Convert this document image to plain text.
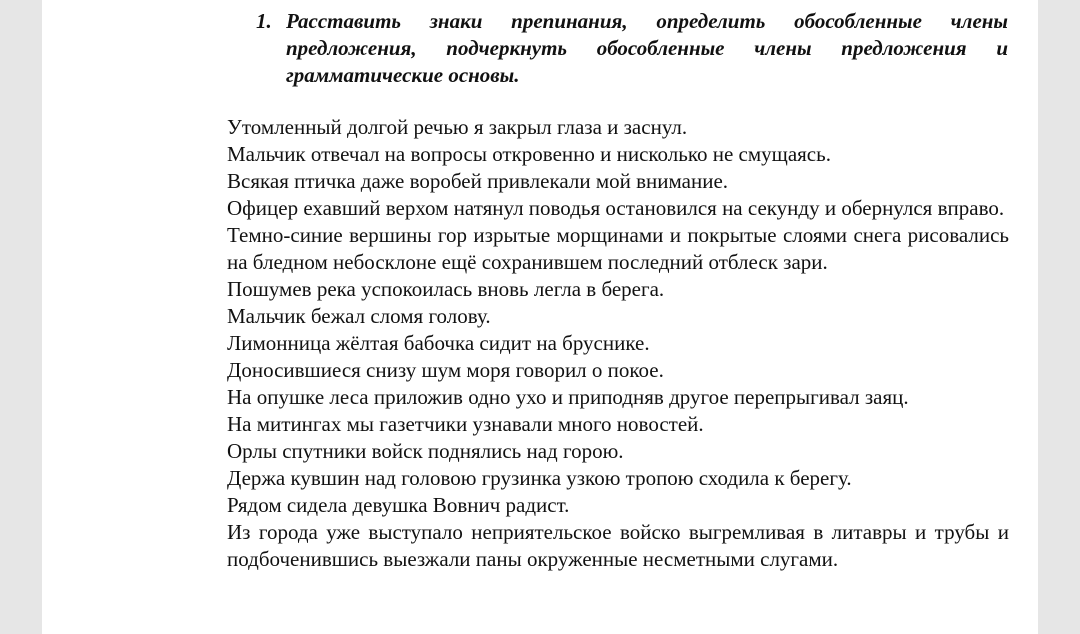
1. Расставить знаки препинания, определить обособленные члены предложения, подчеркнуть обособленные члены предложения и грамматические основы.
Утомленный долгой речью я закрыл глаза и заснул.
Мальчик отвечал на вопросы откровенно и нисколько не смущаясь.
Всякая птичка даже воробей привлекали мой внимание.
Офицер ехавший верхом натянул поводья остановился на секунду и обернулся вправо.
Темно-синие вершины гор изрытые морщинами и покрытые слоями снега рисовались на бледном небосклоне ещё сохранившем последний отблеск зари.
Пошумев река успокоилась вновь легла в берега.
Мальчик бежал сломя голову.
Лимонница жёлтая бабочка сидит на бруснике.
Доносившиеся снизу шум моря говорил о покое.
На опушке леса приложив одно ухо и приподняв другое перепрыгивал заяц.
На митингах мы газетчики узнавали много новостей.
Орлы спутники войск поднялись над горою.
Держа кувшин над головою грузинка узкою тропою сходила к берегу.
Рядом сидела девушка Вовнич радист.
Из города уже выступало неприятельское войско выгремливая в литавры и трубы и подбоченившись выезжали паны окруженные несметными слугами.
